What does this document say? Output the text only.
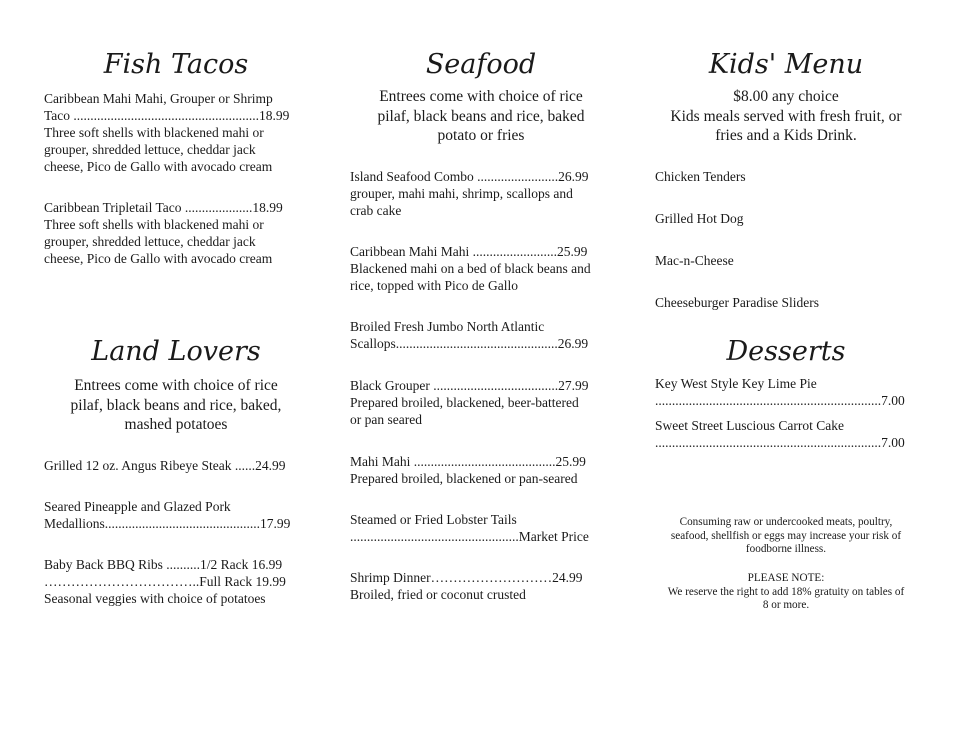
Fish Tacos
Caribbean Mahi Mahi, Grouper or Shrimp
Taco .......................................................18.99
Three soft shells with blackened mahi or
grouper, shredded lettuce, cheddar jack
cheese, Pico de Gallo with avocado cream
Caribbean Tripletail Taco ....................18.99
Three soft shells with blackened mahi or
grouper, shredded lettuce, cheddar jack
cheese, Pico de Gallo with avocado cream
Land Lovers
Entrees come with choice of rice
pilaf, black beans and rice, baked,
mashed potatoes
Grilled 12 oz. Angus Ribeye Steak ......24.99
Seared Pineapple and Glazed Pork
Medallions..............................................17.99
Baby Back BBQ Ribs ..........1/2 Rack 16.99
……………………………..Full Rack 19.99
Seasonal veggies with choice of potatoes
Seafood
Entrees come with choice of rice
pilaf, black beans and rice, baked
potato or fries
Island Seafood Combo ........................26.99
grouper, mahi mahi, shrimp, scallops and
crab cake
Caribbean Mahi Mahi .........................25.99
Blackened mahi on a bed of black beans and
rice, topped with Pico de Gallo
Broiled Fresh Jumbo North Atlantic
Scallops................................................26.99
Black Grouper .....................................27.99
Prepared broiled, blackened, beer-battered
or pan seared
Mahi Mahi ..........................................25.99
Prepared broiled, blackened or pan-seared
Steamed or Fried Lobster Tails
..................................................Market Price
Shrimp Dinner………………………24.99
Broiled, fried or coconut crusted
Kids' Menu
$8.00 any choice
Kids meals served with fresh fruit, or
fries and a Kids Drink.
Chicken Tenders
Grilled Hot Dog
Mac-n-Cheese
Cheeseburger Paradise Sliders
Desserts
Key West Style Key Lime Pie
...................................................................7.00
Sweet Street Luscious Carrot Cake
...................................................................7.00
Consuming raw or undercooked meats, poultry,
seafood, shellfish or eggs may increase your risk of
foodborne illness.
PLEASE NOTE:
We reserve the right to add 18% gratuity on tables of
8 or more.
